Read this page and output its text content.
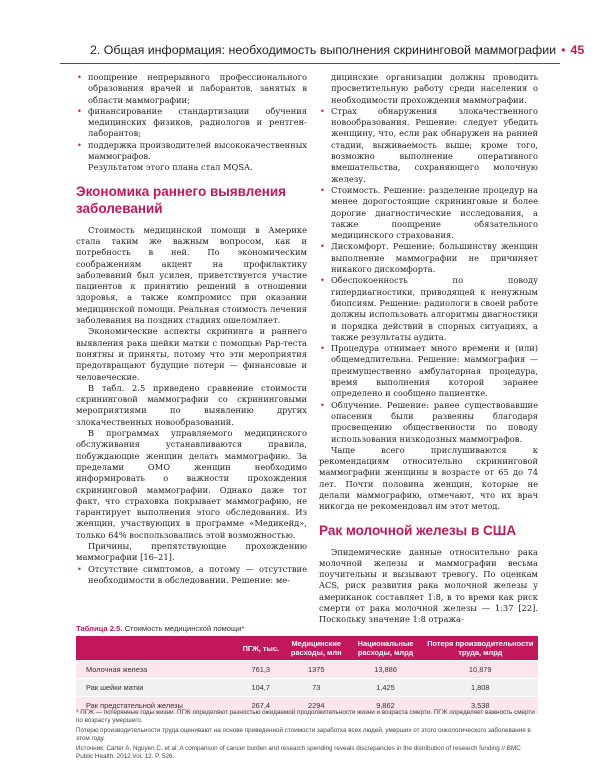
2. Общая информация: необходимость выполнения скрининговой маммографии • 45
• поощрение непрерывного профессионального образования врачей и лаборантов, занятых в области маммографии;
• финансирование стандартизации обучения медицинских физиков, радиологов и рентген-лаборантов;
• поддержка производителей высококачественных маммографов.

Результатом этого плана стал MQSA.

Экономика раннего выявления заболеваний

Стоимость медицинской помощи в Америке стала таким же важным вопросом, как и потребность в ней. По экономическим соображениям акцент на профилактику заболеваний был усилен, приветствуется участие пациентов к принятию решений в отношении здоровья, а также компромисс при оказании медицинской помощи. Реальная стоимость лечения заболевания на поздних стадиях ошеломляет.

Экономические аспекты скрининга и раннего выявления рака шейки матки с помощью Pap-теста понятны и приняты, потому что эти мероприятия предотвращают будущие потери — финансовые и человеческие.

В табл. 2.5 приведено сравнение стоимости скрининговой маммографии со скрининговыми мероприятиями по выявлению других злокачественных новообразований.

В программах управляемого медицинского обслуживания устанавливаются правила, побуждающие женщин делать маммографию. За пределами ОМО женщин необходимо информировать о важности прохождения скрининговой маммографии. Однако даже тот факт, что страховка покрывает маммографию, не гарантирует выполнения этого обследования. Из женщин, участвующих в программе «Медикейд», только 64% воспользовались этой возможностью.

Причины, препятствующие прохождению маммографии [16–21].

• Отсутствие симптомов, а потому — отсутствие необходимости в обследовании. Решение: ме-

дицинские организации должны проводить просветительную работу среди населения о необходимости прохождения маммографии.

• Страх обнаружения злокачественного новообразования. Решение: следует убедить женщину, что, если рак обнаружен на ранней стадии, выживаемость выше; кроме того, возможно выполнение оперативного вмешательства, сохраняющего молочную железу.
• Стоимость. Решение: разделение процедур на менее дорогостоящие скрининговые и более дорогие диагностические исследования, а также поощрение обязательного медицинского страхования.
• Дискомфорт. Решение: большинству женщин выполнение маммографии не причиняет никакого дискомфорта.
• Обеспокоенность по поводу гипердиагностики, приводящей к ненужным биопсиям. Решение: радиологи в своей работе должны использовать алгоритмы диагностики и порядка действий в спорных ситуациях, а также результаты аудита.
• Процедура отнимает много времени и (или) общемедлительна. Решение: маммография — преимущественно амбулаторная процедура, время выполнения которой заранее определено и сообщено пациентке.
• Облучение. Решение: ранее существовавшие опасения были развеяны благодаря просвещению общественности по поводу использования низкодозных маммографов.

Чаще всего прислушиваются к рекомендациям относительно скрининговой маммографии женщины в возрасте от 65 до 74 лет. Почти половина женщин, которые не делали маммографию, отмечают, что их врач никогда не рекомендовал им этот метод.

Рак молочной железы в США

Эпидемические данные относительно рака молочной железы и маммографии весьма поучительны и вызывают тревогу. По оценкам ACS, риск развития рака молочной железы у американок составляет 1:8, в то время как риск смерти от рака молочной железы — 1:37 [22]. Поскольку значение 1:8 отража-

Таблица 2.5. Стоимость медицинской помощи*
	ПГЖ, тыс.	Медицинские расходы, млн	Национальные расходы, млрд	Потеря производительности труда, млрд
Молочная железа	761,3	1375	13,886	10,879
Рак шейки матки	104,7	73	1,425	1,808
Рак предстательной железы	267,4	2294	9,862	3,538

* ПГЖ — потерянные годы жизни. ПГЖ определяют разностью ожидаемой продолжительности жизни и возраста смерти. ПГЖ определяет важность смерти по возрасту умершего.

Потерю производительности труда оценивают на основе приведенной стоимости заработка всех людей, умерших от этого онкологического заболевания в этом году.

Источник: Carter A, Nguyen C, et al. A comparison of cancer burden and research spending reveals discrepancies in the distribution of research funding // BMC Public Health. 2012.Vol. 12. P. 526.
